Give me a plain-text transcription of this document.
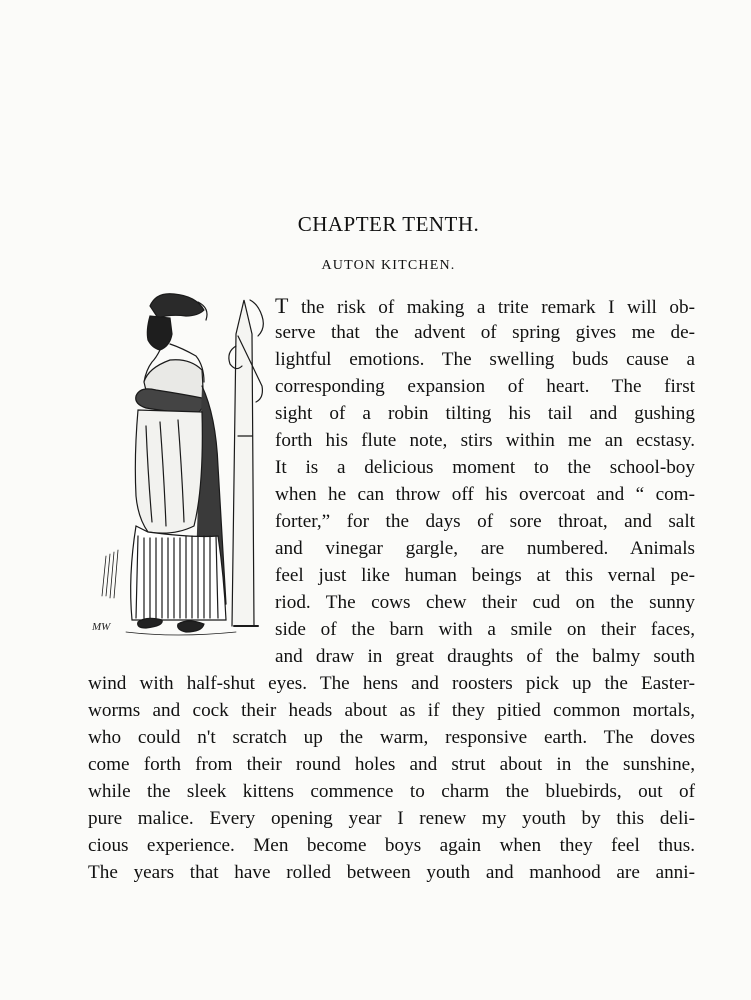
CHAPTER TENTH.
AUTON KITCHEN.
MW
T the risk of making a trite remark I will ob-
serve that the advent of spring gives me de-
lightful emotions. The swelling buds cause a
corresponding expansion of heart. The first
sight of a robin tilting his tail and gushing
forth his flute note, stirs within me an ecstasy.
It is a delicious moment to the school-boy
when he can throw off his overcoat and “ com-
forter,” for the days of sore throat, and salt
and vinegar gargle, are numbered. Animals
feel just like human beings at this vernal pe-
riod. The cows chew their cud on the sunny
side of the barn with a smile on their faces,
and draw in great draughts of the balmy south
wind with half-shut eyes. The hens and roosters pick up the Easter-
worms and cock their heads about as if they pitied common mortals,
who could n't scratch up the warm, responsive earth. The doves
come forth from their round holes and strut about in the sunshine,
while the sleek kittens commence to charm the bluebirds, out of
pure malice. Every opening year I renew my youth by this deli-
cious experience. Men become boys again when they feel thus.
The years that have rolled between youth and manhood are anni-
